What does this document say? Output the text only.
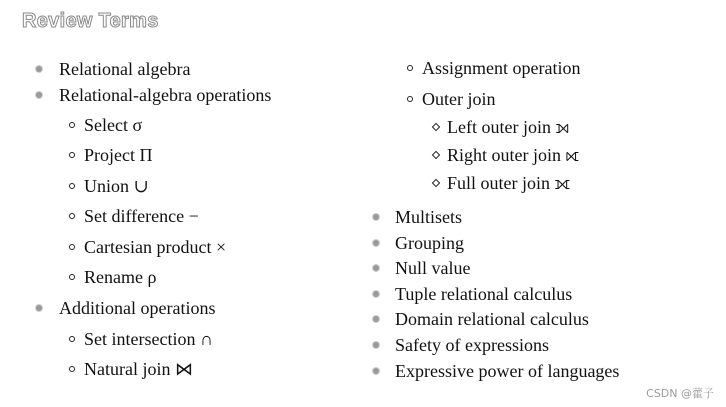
Review Terms
Relational algebra
Relational-algebra operations
Select σ
Project Π
Union ∪
Set difference −
Cartesian product ×
Rename ρ
Additional operations
Set intersection ∩
Natural join ⋈
Assignment operation
Outer join
Left outer join ⟕
Right outer join ⟖
Full outer join ⟗
Multisets
Grouping
Null value
Tuple relational calculus
Domain relational calculus
Safety of expressions
Expressive power of languages
CSDN @藿子
